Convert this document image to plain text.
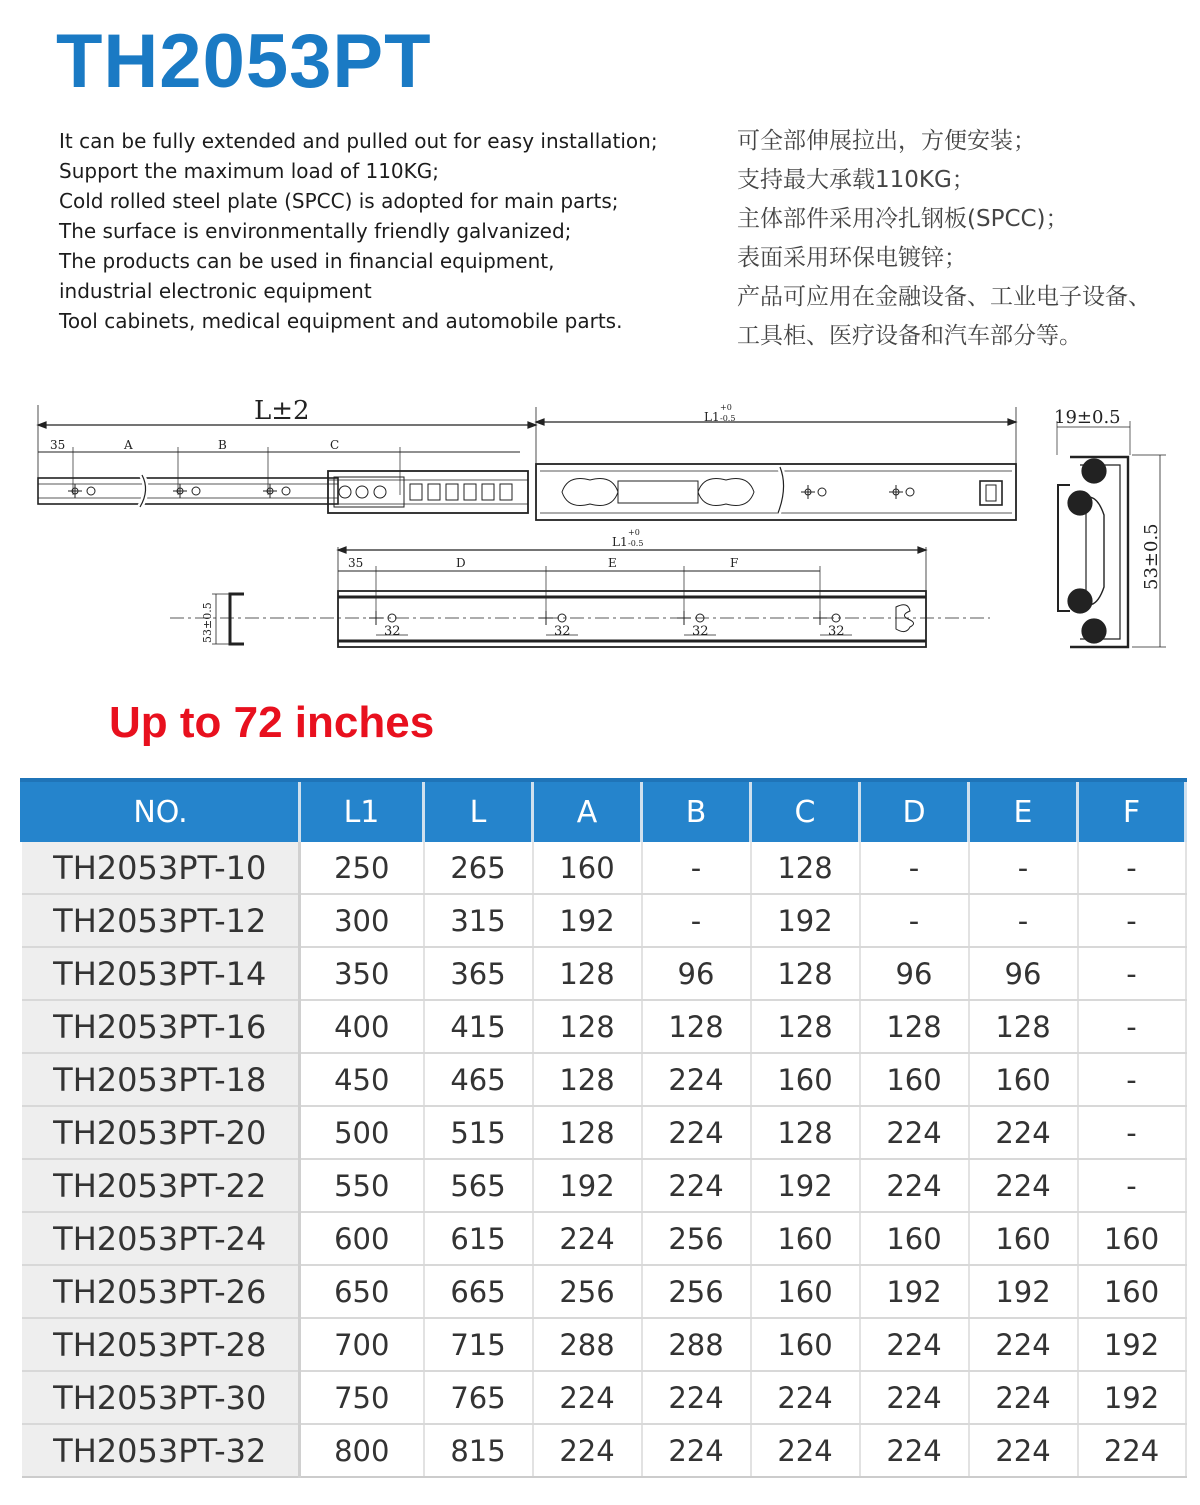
TH2053PT
It can be fully extended and pulled out for easy installation;
Support the maximum load of 110KG;
Cold rolled steel plate (SPCC) is adopted for main parts;
The surface is environmentally friendly galvanized;
The products can be used in financial equipment,
industrial electronic equipment
Tool cabinets, medical equipment and automobile parts.
可全部伸展拉出，方便安装；
支持最大承载110KG；
主体部件采用冷扎钢板(SPCC)；
表面采用环保电镀锌；
产品可应用在金融设备、工业电子设备、
工具柜、医疗设备和汽车部分等。
L±2	L1
+0
-0.5
35	A	B	C
L1
+0
-0.5
35	D	E	F
32	32	32	32
19±0.5
53±0.5
53±0.5
Up to 72 inches
NO.	L1	L	A	B	C	D	E	F
TH2053PT-10	250	265	160	-	128	-	-	-
TH2053PT-12	300	315	192	-	192	-	-	-
TH2053PT-14	350	365	128	96	128	96	96	-
TH2053PT-16	400	415	128	128	128	128	128	-
TH2053PT-18	450	465	128	224	160	160	160	-
TH2053PT-20	500	515	128	224	128	224	224	-
TH2053PT-22	550	565	192	224	192	224	224	-
TH2053PT-24	600	615	224	256	160	160	160	160
TH2053PT-26	650	665	256	256	160	192	192	160
TH2053PT-28	700	715	288	288	160	224	224	192
TH2053PT-30	750	765	224	224	224	224	224	192
TH2053PT-32	800	815	224	224	224	224	224	224
